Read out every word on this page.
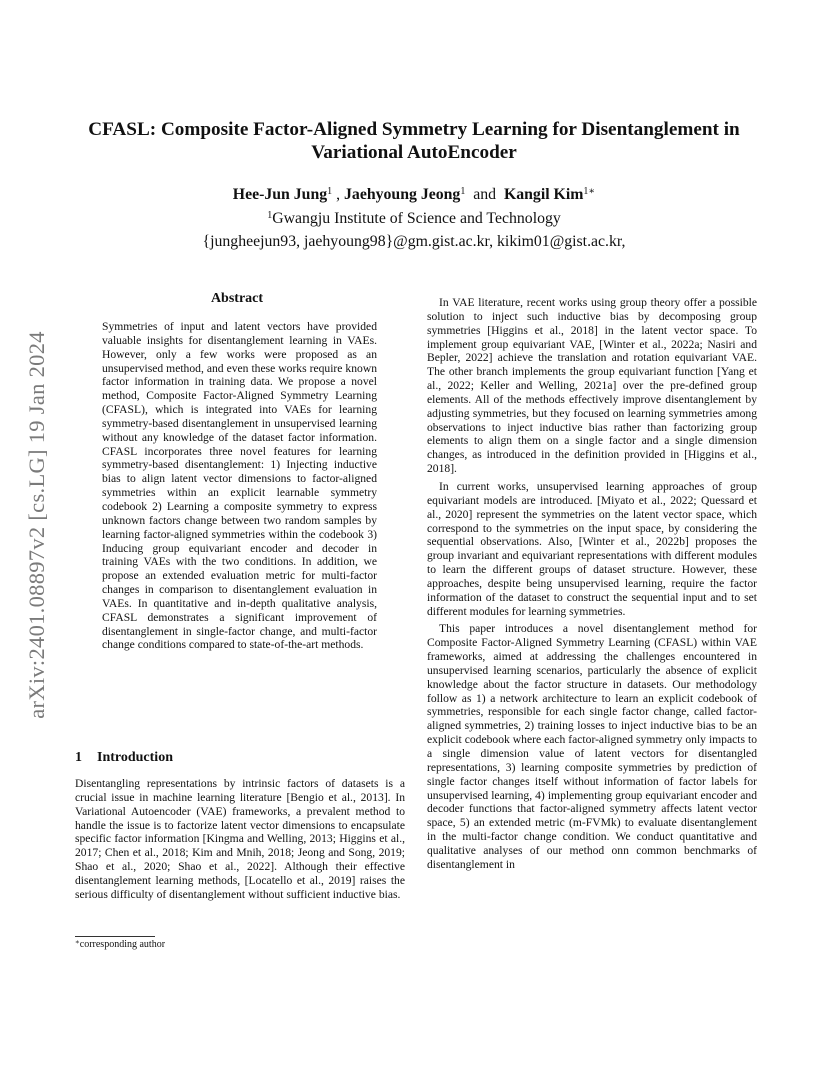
arXiv:2401.08897v2 [cs.LG] 19 Jan 2024
CFASL: Composite Factor-Aligned Symmetry Learning for Disentanglement in Variational AutoEncoder
Hee-Jun Jung$^1$ , Jaehyoung Jeong$^1$ and Kangil Kim$^{1∗}$
$^1$Gwangju Institute of Science and Technology
{jungheejun93, jaehyoung98}@gm.gist.ac.kr, kikim01@gist.ac.kr,
Abstract
Symmetries of input and latent vectors have provided valuable insights for disentanglement learning in VAEs. However, only a few works were proposed as an unsupervised method, and even these works require known factor information in training data. We propose a novel method, Composite Factor-Aligned Symmetry Learning (CFASL), which is integrated into VAEs for learning symmetry-based disentanglement in unsupervised learning without any knowledge of the dataset factor information. CFASL incorporates three novel features for learning symmetry-based disentanglement: 1) Injecting inductive bias to align latent vector dimensions to factor-aligned symmetries within an explicit learnable symmetry codebook 2) Learning a composite symmetry to express unknown factors change between two random samples by learning factor-aligned symmetries within the codebook 3) Inducing group equivariant encoder and decoder in training VAEs with the two conditions. In addition, we propose an extended evaluation metric for multi-factor changes in comparison to disentanglement evaluation in VAEs. In quantitative and in-depth qualitative analysis, CFASL demonstrates a significant improvement of disentanglement in single-factor change, and multi-factor change conditions compared to state-of-the-art methods.
1 Introduction
Disentangling representations by intrinsic factors of datasets is a crucial issue in machine learning literature [Bengio et al., 2013]. In Variational Autoencoder (VAE) frameworks, a prevalent method to handle the issue is to factorize latent vector dimensions to encapsulate specific factor information [Kingma and Welling, 2013; Higgins et al., 2017; Chen et al., 2018; Kim and Mnih, 2018; Jeong and Song, 2019; Shao et al., 2020; Shao et al., 2022]. Although their effective disentanglement learning methods, [Locatello et al., 2019] raises the serious difficulty of disentanglement without sufficient inductive bias.
∗corresponding author

In VAE literature, recent works using group theory offer a possible solution to inject such inductive bias by decomposing group symmetries [Higgins et al., 2018] in the latent vector space. To implement group equivariant VAE, [Winter et al., 2022a; Nasiri and Bepler, 2022] achieve the translation and rotation equivariant VAE. The other branch implements the group equivariant function [Yang et al., 2022; Keller and Welling, 2021a] over the pre-defined group elements. All of the methods effectively improve disentanglement by adjusting symmetries, but they focused on learning symmetries among observations to inject inductive bias rather than factorizing group elements to align them on a single factor and a single dimension changes, as introduced in the definition provided in [Higgins et al., 2018].

In current works, unsupervised learning approaches of group equivariant models are introduced. [Miyato et al., 2022; Quessard et al., 2020] represent the symmetries on the latent vector space, which correspond to the symmetries on the input space, by considering the sequential observations. Also, [Winter et al., 2022b] proposes the group invariant and equivariant representations with different modules to learn the different groups of dataset structure. However, these approaches, despite being unsupervised learning, require the factor information of the dataset to construct the sequential input and to set different modules for learning symmetries.

This paper introduces a novel disentanglement method for Composite Factor-Aligned Symmetry Learning (CFASL) within VAE frameworks, aimed at addressing the challenges encountered in unsupervised learning scenarios, particularly the absence of explicit knowledge about the factor structure in datasets. Our methodology follow as 1) a network architecture to learn an explicit codebook of symmetries, responsible for each single factor change, called factor-aligned symmetries, 2) training losses to inject inductive bias to be an explicit codebook where each factor-aligned symmetry only impacts to a single dimension value of latent vectors for disentangled representations, 3) learning composite symmetries by prediction of single factor changes itself without information of factor labels for unsupervised learning, 4) implementing group equivariant encoder and decoder functions that factor-aligned symmetry affects latent vector space, 5) an extended metric (m-FVMk) to evaluate disentanglement in the multi-factor change condition. We conduct quantitative and qualitative analyses of our method onn common benchmarks of disentanglement in
